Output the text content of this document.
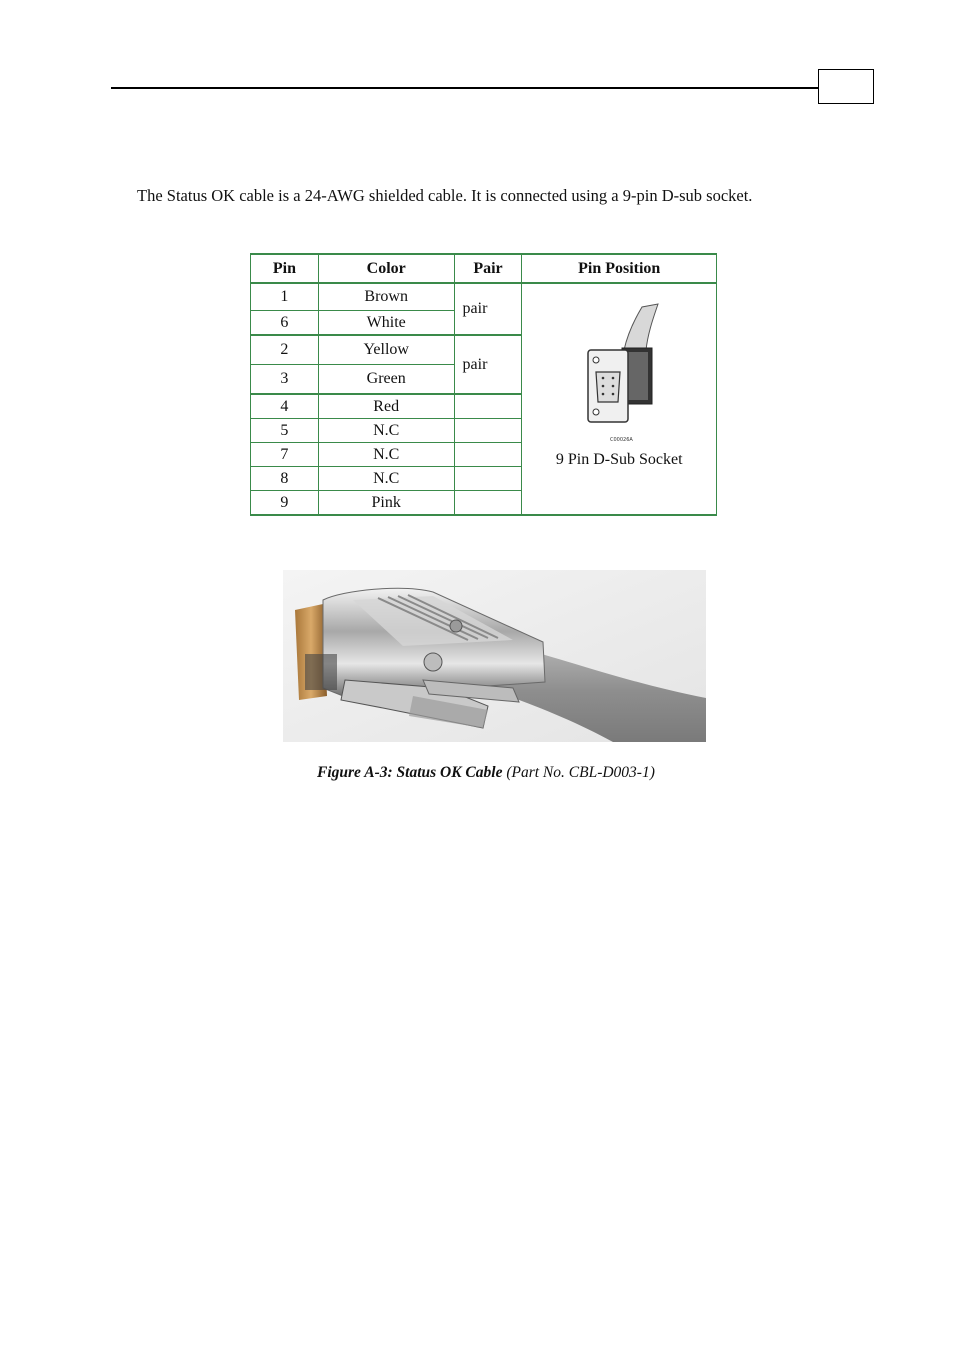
The Status OK cable is a 24-AWG shielded cable. It is connected using a 9-pin D-sub socket.

Pin	Color	Pair	Pin Position
1	Brown	pair	C00026A
9 Pin D-Sub Socket

6	White		
2	Yellow	pair	
3	Green		
4	Red		
5	N.C		
7	N.C		
8	N.C		
9	Pink		
Figure A-3: Status OK Cable (Part No. CBL-D003-1)
